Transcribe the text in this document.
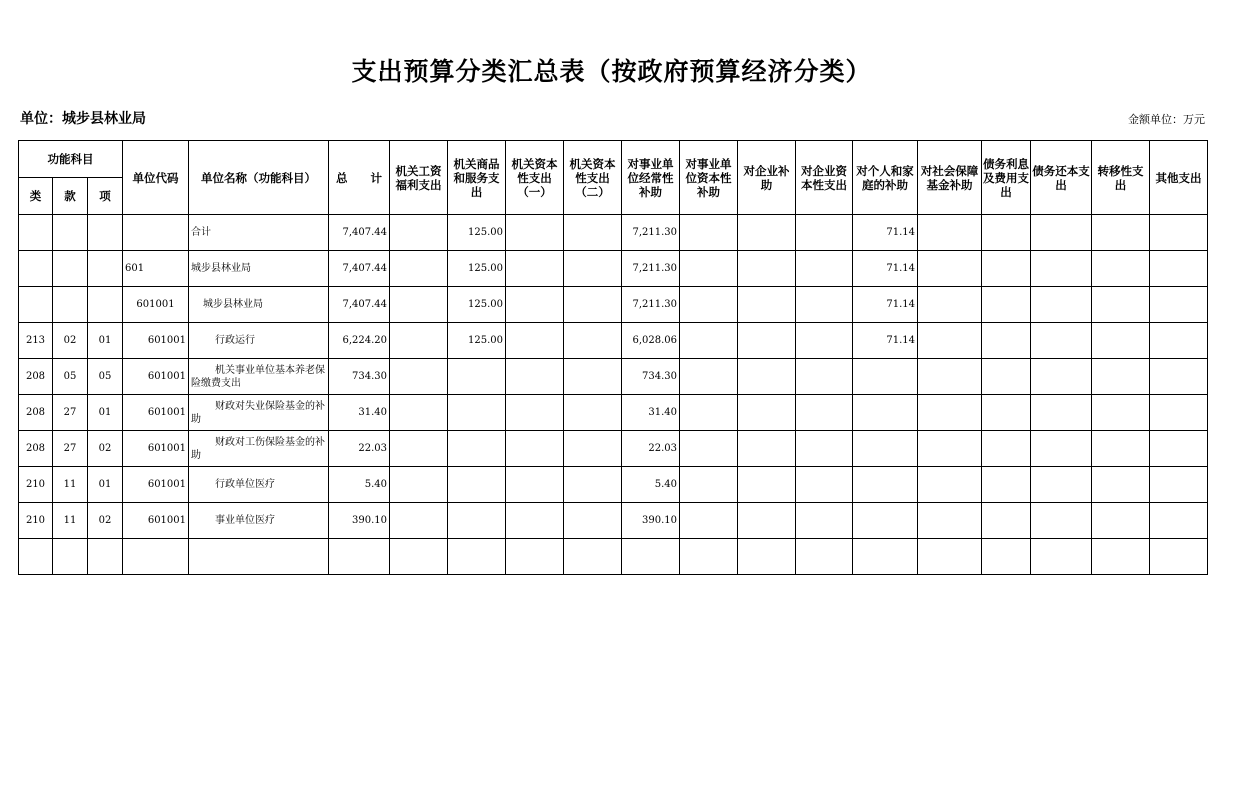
支出预算分类汇总表（按政府预算经济分类）
单位：城步县林业局	金额单位：万元
功能科目			单位代码	单位名称（功能科目）	总　　计	机关工资福利支出	机关商品和服务支出	机关资本性支出（一）	机关资本性支出（二）	对事业单位经常性补助	对事业单位资本性补助	对企业补助	对企业资本性支出	对个人和家庭的补助	对社会保障基金补助	债务利息及费用支出	债务还本支出	转移性支出	其他支出
类	款	项																	
				合计	7,407.44		125.00			7,211.30				71.14					
			601	城步县林业局	7,407.44		125.00			7,211.30				71.14					
			601001	城步县林业局	7,407.44		125.00			7,211.30				71.14					
213	02	01	601001	行政运行	6,224.20		125.00			6,028.06				71.14					
208	05	05	601001	机关事业单位基本养老保险缴费支出	734.30					734.30									
208	27	01	601001	财政对失业保险基金的补助	31.40					31.40									
208	27	02	601001	财政对工伤保险基金的补助	22.03					22.03									
210	11	01	601001	行政单位医疗	5.40					5.40									
210	11	02	601001	事业单位医疗	390.10					390.10									
